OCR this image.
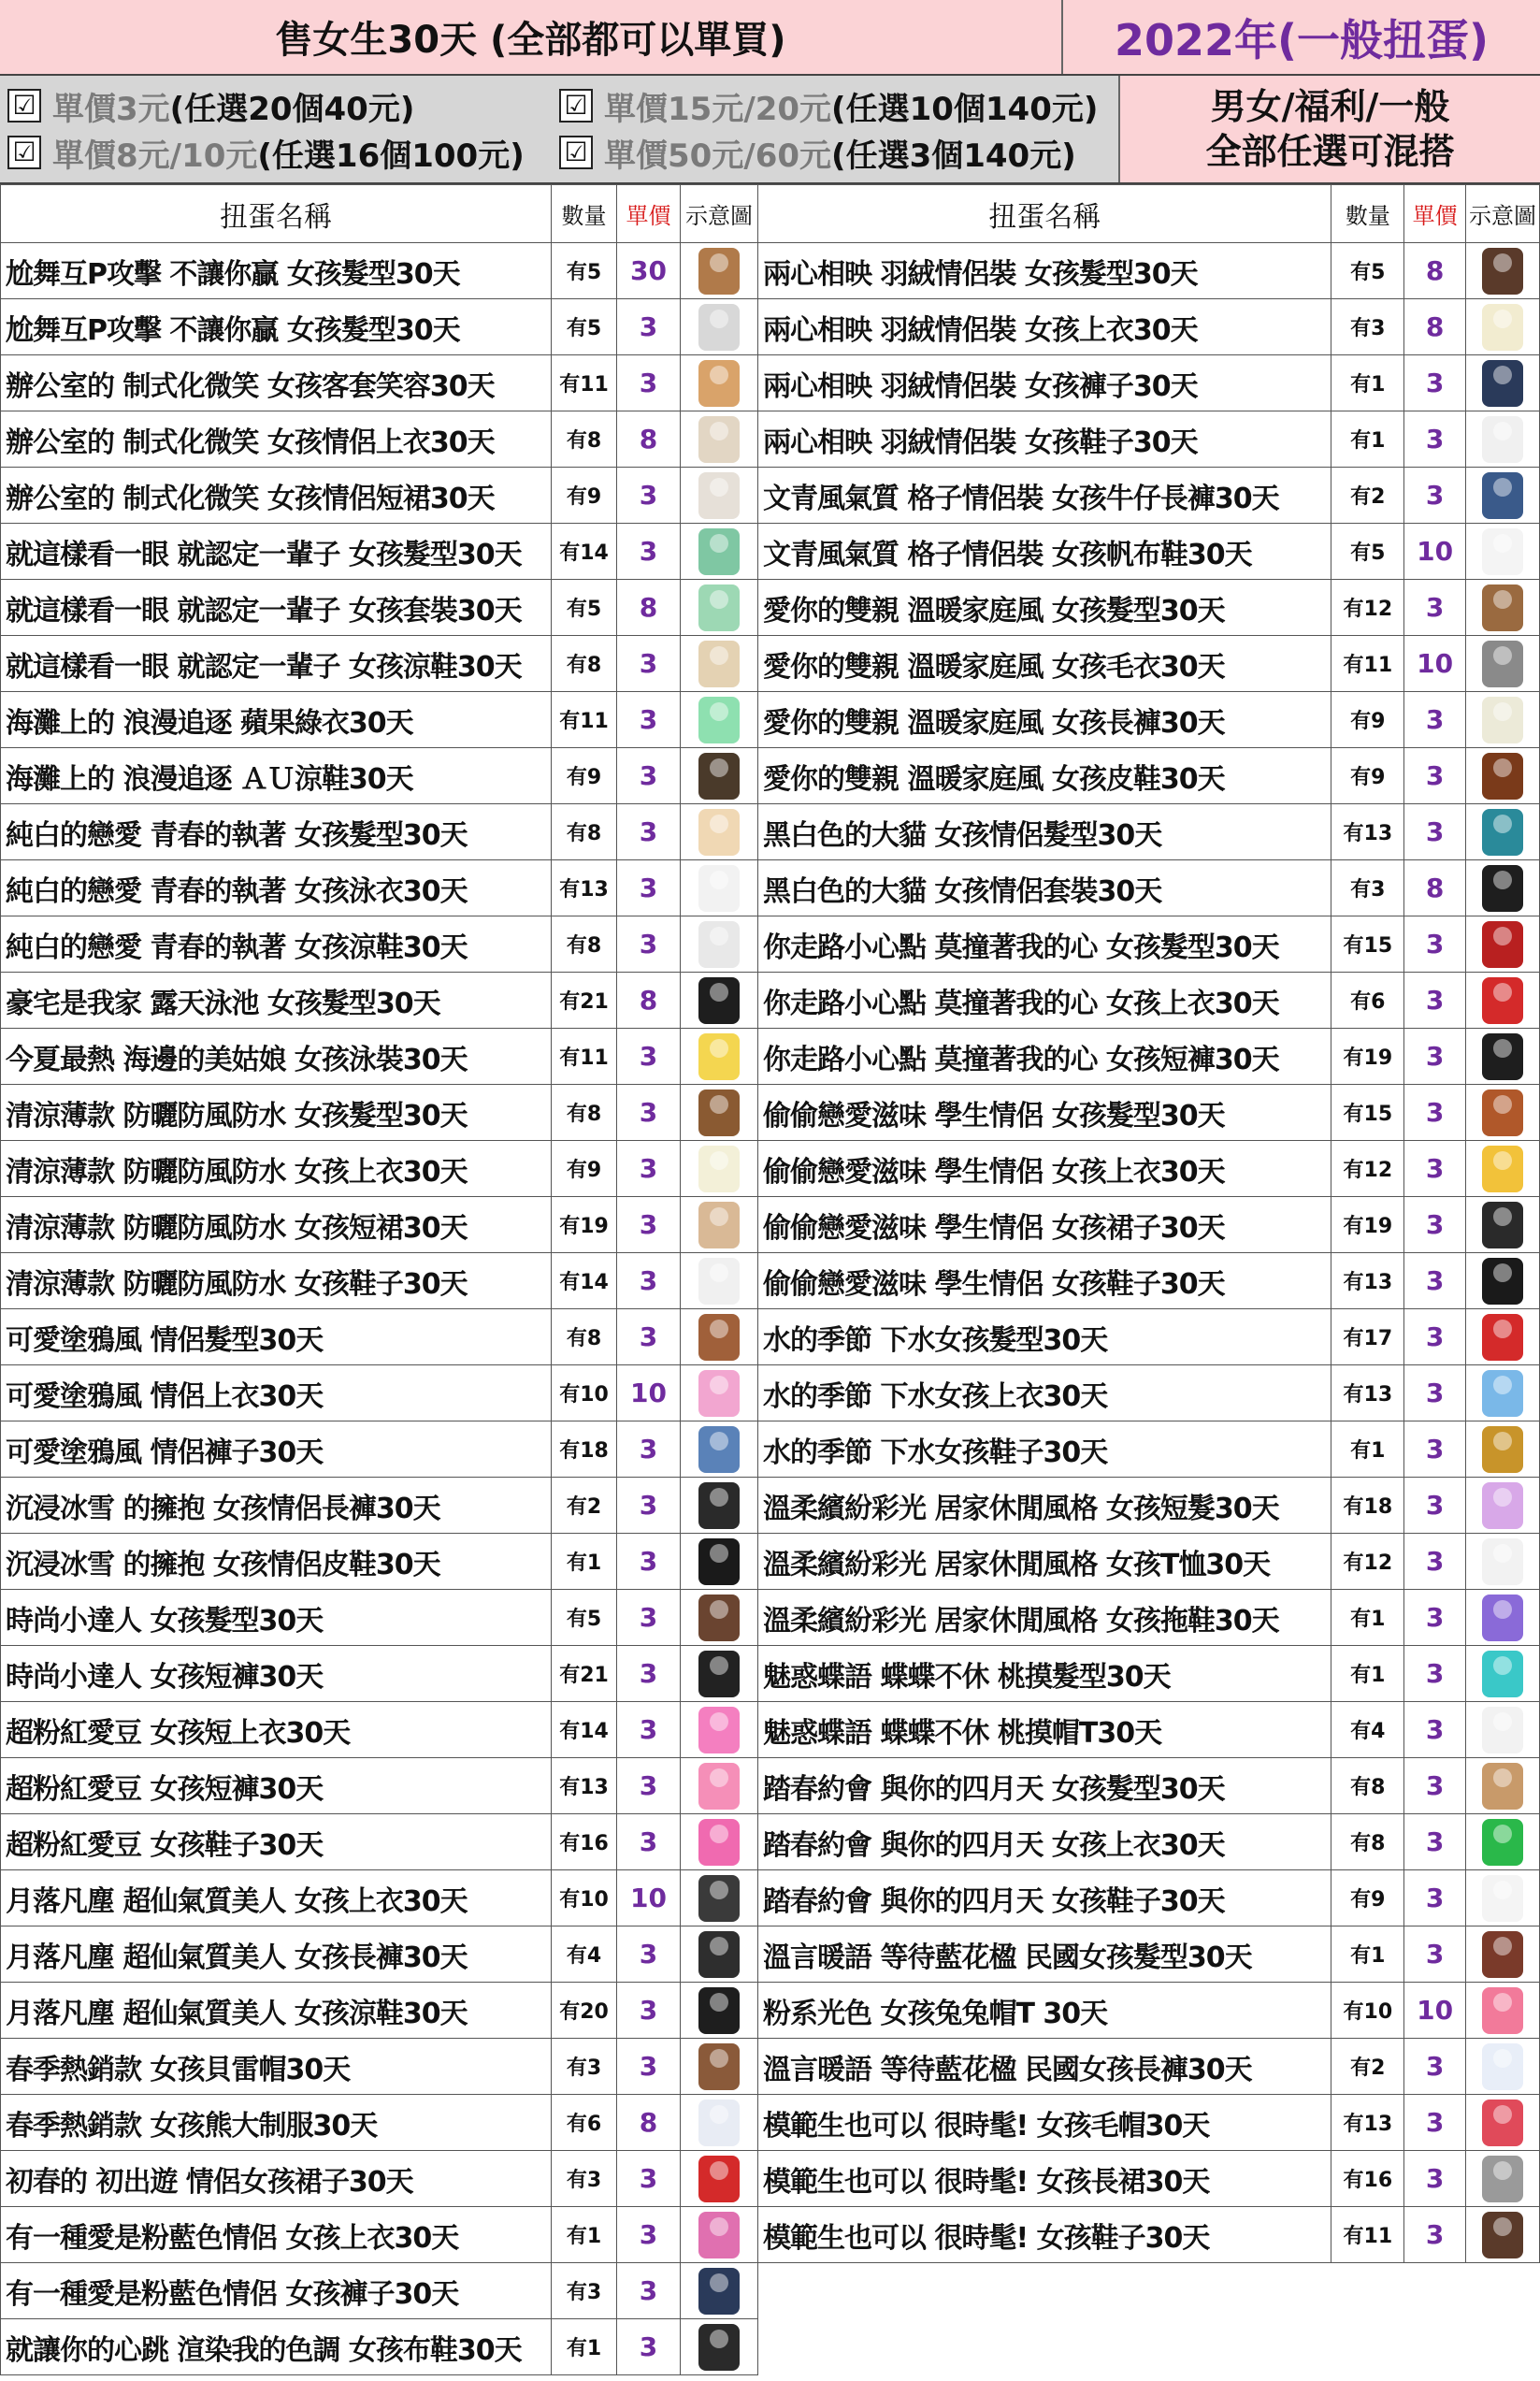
售女生30天 (全部都可以單買)	2022年(一般扭蛋)
☑ 單價 3元 (任選20個40元)	☑ 單價 15元/20元 (任選10個140元)
☑ 單價 8元/10元 (任選16個100元) ☑ 單價 50元/60元 (任選3個140元)
男女/福利/一般
全部任選可混搭
扭蛋名稱	數量	單價	示意圖
尬舞互P攻擊 不讓你贏 女孩髮型30天	有5	30	
尬舞互P攻擊 不讓你贏 女孩髮型30天	有5	3	
辦公室的 制式化微笑 女孩客套笑容30天	有11	3	
辦公室的 制式化微笑 女孩情侶上衣30天	有8	8	
辦公室的 制式化微笑 女孩情侶短裙30天	有9	3	
就這樣看一眼 就認定一輩子 女孩髮型30天	有14	3	
就這樣看一眼 就認定一輩子 女孩套裝30天	有5	8	
就這樣看一眼 就認定一輩子 女孩涼鞋30天	有8	3	
海灘上的 浪漫追逐 蘋果綠衣30天	有11	3	
海灘上的 浪漫追逐 ＡＵ涼鞋30天	有9	3	
純白的戀愛 青春的執著 女孩髮型30天	有8	3	
純白的戀愛 青春的執著 女孩泳衣30天	有13	3	
純白的戀愛 青春的執著 女孩涼鞋30天	有8	3	
豪宅是我家 露天泳池 女孩髮型30天	有21	8	
今夏最熱 海邊的美姑娘 女孩泳裝30天	有11	3	
清涼薄款 防曬防風防水 女孩髮型30天	有8	3	
清涼薄款 防曬防風防水 女孩上衣30天	有9	3	
清涼薄款 防曬防風防水 女孩短裙30天	有19	3	
清涼薄款 防曬防風防水 女孩鞋子30天	有14	3	
可愛塗鴉風 情侶髮型30天	有8	3	
可愛塗鴉風 情侶上衣30天	有10	10	
可愛塗鴉風 情侶褲子30天	有18	3	
沉浸冰雪 的擁抱 女孩情侶長褲30天	有2	3	
沉浸冰雪 的擁抱 女孩情侶皮鞋30天	有1	3	
時尚小達人 女孩髮型30天	有5	3	
時尚小達人 女孩短褲30天	有21	3	
超粉紅愛豆 女孩短上衣30天	有14	3	
超粉紅愛豆 女孩短褲30天	有13	3	
超粉紅愛豆 女孩鞋子30天	有16	3	
月落凡塵 超仙氣質美人 女孩上衣30天	有10	10	
月落凡塵 超仙氣質美人 女孩長褲30天	有4	3	
月落凡塵 超仙氣質美人 女孩涼鞋30天	有20	3	
春季熱銷款 女孩貝雷帽30天	有3	3	
春季熱銷款 女孩熊大制服30天	有6	8	
初春的 初出遊 情侶女孩裙子30天	有3	3	
有一種愛是粉藍色情侶 女孩上衣30天	有1	3	
有一種愛是粉藍色情侶 女孩褲子30天	有3	3	
就讓你的心跳 渲染我的色調 女孩布鞋30天	有1	3	
扭蛋名稱	數量	單價	示意圖
兩心相映 羽絨情侶裝 女孩髮型30天	有5	8	
兩心相映 羽絨情侶裝 女孩上衣30天	有3	8	
兩心相映 羽絨情侶裝 女孩褲子30天	有1	3	
兩心相映 羽絨情侶裝 女孩鞋子30天	有1	3	
文青風氣質 格子情侶裝 女孩牛仔長褲30天	有2	3	
文青風氣質 格子情侶裝 女孩帆布鞋30天	有5	10	
愛你的雙親 溫暖家庭風 女孩髮型30天	有12	3	
愛你的雙親 溫暖家庭風 女孩毛衣30天	有11	10	
愛你的雙親 溫暖家庭風 女孩長褲30天	有9	3	
愛你的雙親 溫暖家庭風 女孩皮鞋30天	有9	3	
黑白色的大貓 女孩情侶髮型30天	有13	3	
黑白色的大貓 女孩情侶套裝30天	有3	8	
你走路小心點 莫撞著我的心 女孩髮型30天	有15	3	
你走路小心點 莫撞著我的心 女孩上衣30天	有6	3	
你走路小心點 莫撞著我的心 女孩短褲30天	有19	3	
偷偷戀愛滋味 學生情侶 女孩髮型30天	有15	3	
偷偷戀愛滋味 學生情侶 女孩上衣30天	有12	3	
偷偷戀愛滋味 學生情侶 女孩裙子30天	有19	3	
偷偷戀愛滋味 學生情侶 女孩鞋子30天	有13	3	
水的季節 下水女孩髮型30天	有17	3	
水的季節 下水女孩上衣30天	有13	3	
水的季節 下水女孩鞋子30天	有1	3	
溫柔繽紛彩光 居家休閒風格 女孩短髮30天	有18	3	
溫柔繽紛彩光 居家休閒風格 女孩T恤30天	有12	3	
溫柔繽紛彩光 居家休閒風格 女孩拖鞋30天	有1	3	
魅惑蝶語 蝶蝶不休 桃摸髮型30天	有1	3	
魅惑蝶語 蝶蝶不休 桃摸帽T30天	有4	3	
踏春約會 與你的四月天 女孩髮型30天	有8	3	
踏春約會 與你的四月天 女孩上衣30天	有8	3	
踏春約會 與你的四月天 女孩鞋子30天	有9	3	
溫言暖語 等待藍花楹 民國女孩髮型30天	有1	3	
粉系光色 女孩兔兔帽T 30天	有10	10	
溫言暖語 等待藍花楹 民國女孩長褲30天	有2	3	
模範生也可以 很時髦! 女孩毛帽30天	有13	3	
模範生也可以 很時髦! 女孩長裙30天	有16	3	
模範生也可以 很時髦! 女孩鞋子30天	有11	3	
